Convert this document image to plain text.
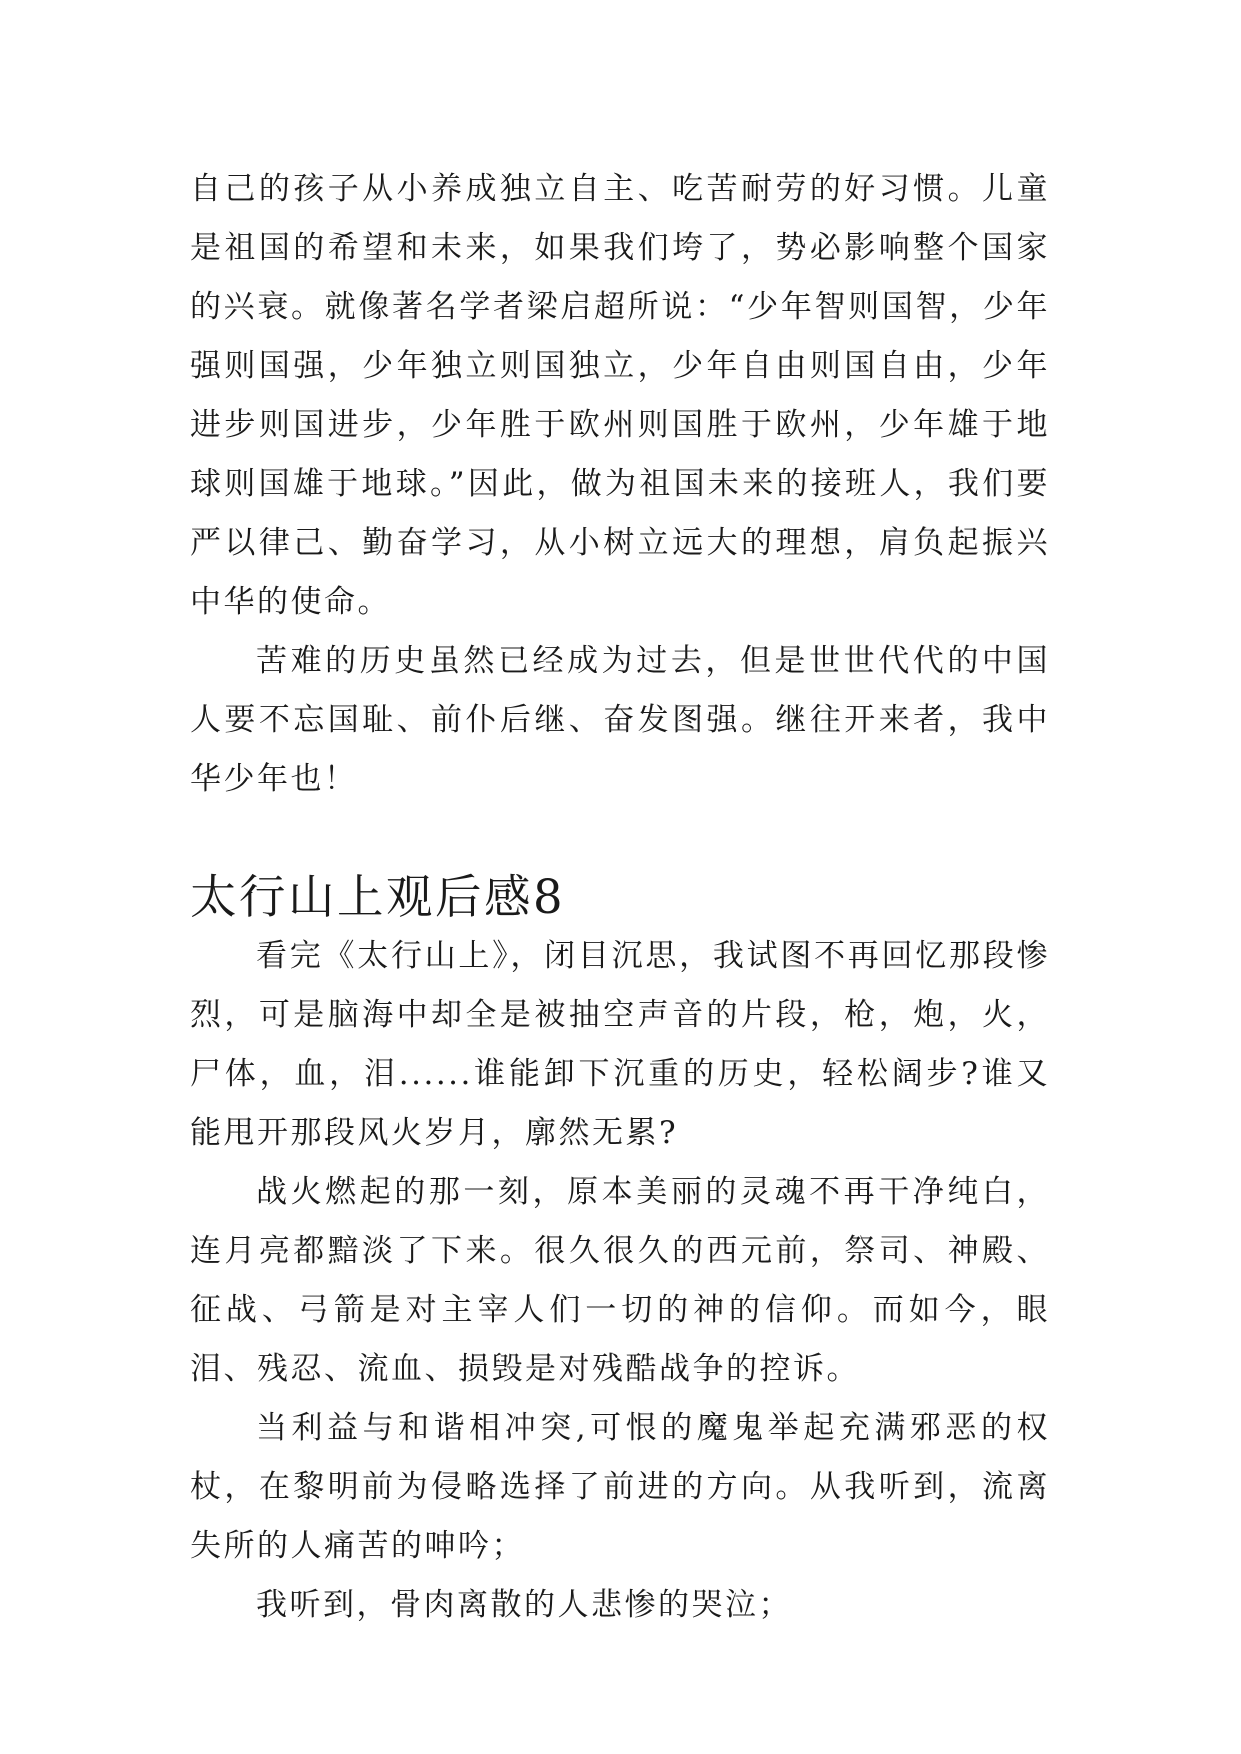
自己的孩子从小养成独立自主、吃苦耐劳的好习惯。儿童是祖国的希望和未来，如果我们垮了，势必影响整个国家的兴衰。就像著名学者梁启超所说：“少年智则国智，少年强则国强，少年独立则国独立，少年自由则国自由，少年进步则国进步，少年胜于欧州则国胜于欧州，少年雄于地球则国雄于地球。”因此，做为祖国未来的接班人，我们要严以律己、勤奋学习，从小树立远大的理想，肩负起振兴中华的使命。

苦难的历史虽然已经成为过去，但是世世代代的中国人要不忘国耻、前仆后继、奋发图强。继往开来者，我中华少年也！

太行山上观后感8

看完《太行山上》，闭目沉思，我试图不再回忆那段惨烈，可是脑海中却全是被抽空声音的片段，枪，炮，火，尸体，血，泪......谁能卸下沉重的历史，轻松阔步?谁又能甩开那段风火岁月，廓然无累?

战火燃起的那一刻，原本美丽的灵魂不再干净纯白，连月亮都黯淡了下来。很久很久的西元前，祭司、神殿、征战、弓箭是对主宰人们一切的神的信仰。而如今，眼泪、残忍、流血、损毁是对残酷战争的控诉。

当利益与和谐相冲突,可恨的魔鬼举起充满邪恶的权杖，在黎明前为侵略选择了前进的方向。从我听到，流离失所的人痛苦的呻吟；

我听到，骨肉离散的人悲惨的哭泣；
